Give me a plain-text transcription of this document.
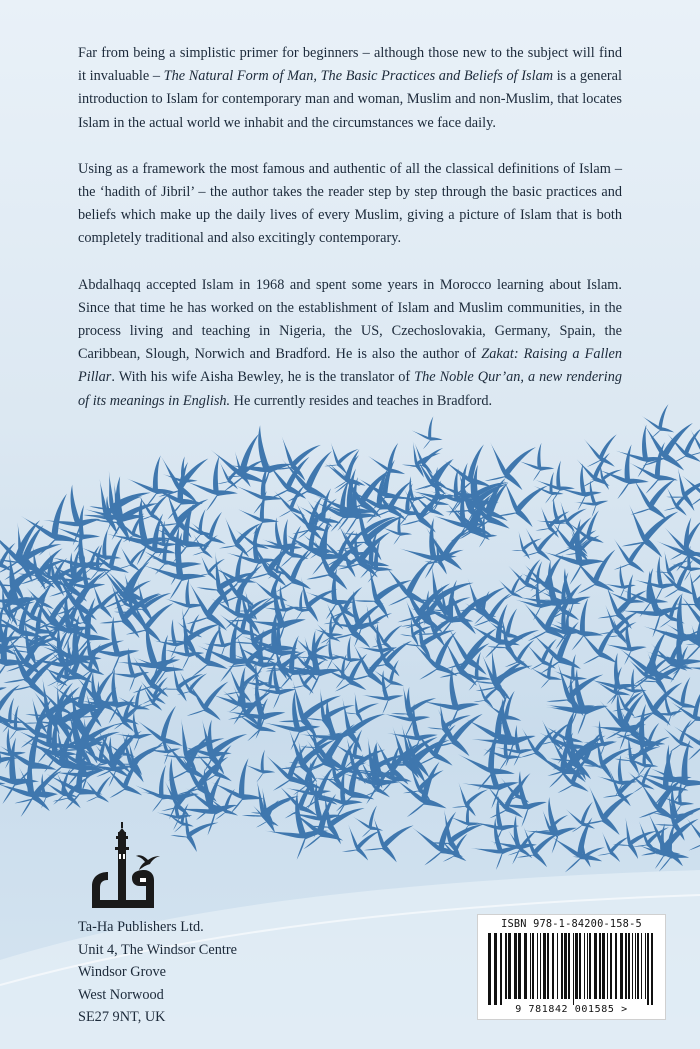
Far from being a simplistic primer for beginners – although those new to the subject will find it invaluable – The Natural Form of Man, The Basic Practices and Beliefs of Islam is a general introduction to Islam for contemporary man and woman, Muslim and non-Muslim, that locates Islam in the actual world we inhabit and the circumstances we face daily.

Using as a framework the most famous and authentic of all the classical definitions of Islam – the ‘hadith of Jibril’ – the author takes the reader step by step through the basic practices and beliefs which make up the daily lives of every Muslim, giving a picture of Islam that is both completely traditional and also excitingly contemporary.

Abdalhaqq accepted Islam in 1968 and spent some years in Morocco learning about Islam. Since that time he has worked on the establishment of Islam and Muslim communities, in the process living and teaching in Nigeria, the US, Czechoslovakia, Germany, Spain, the Caribbean, Slough, Norwich and Bradford. He is also the author of Zakat: Raising a Fallen Pillar. With his wife Aisha Bewley, he is the translator of The Noble Qur’an, a new rendering of its meanings in English. He currently resides and teaches in Bradford.

Ta-Ha Publishers Ltd.
Unit 4, The Windsor Centre
Windsor Grove
West Norwood
SE27 9NT, UK
ISBN 978-1-84200-158-5
9 781842 001585 >
